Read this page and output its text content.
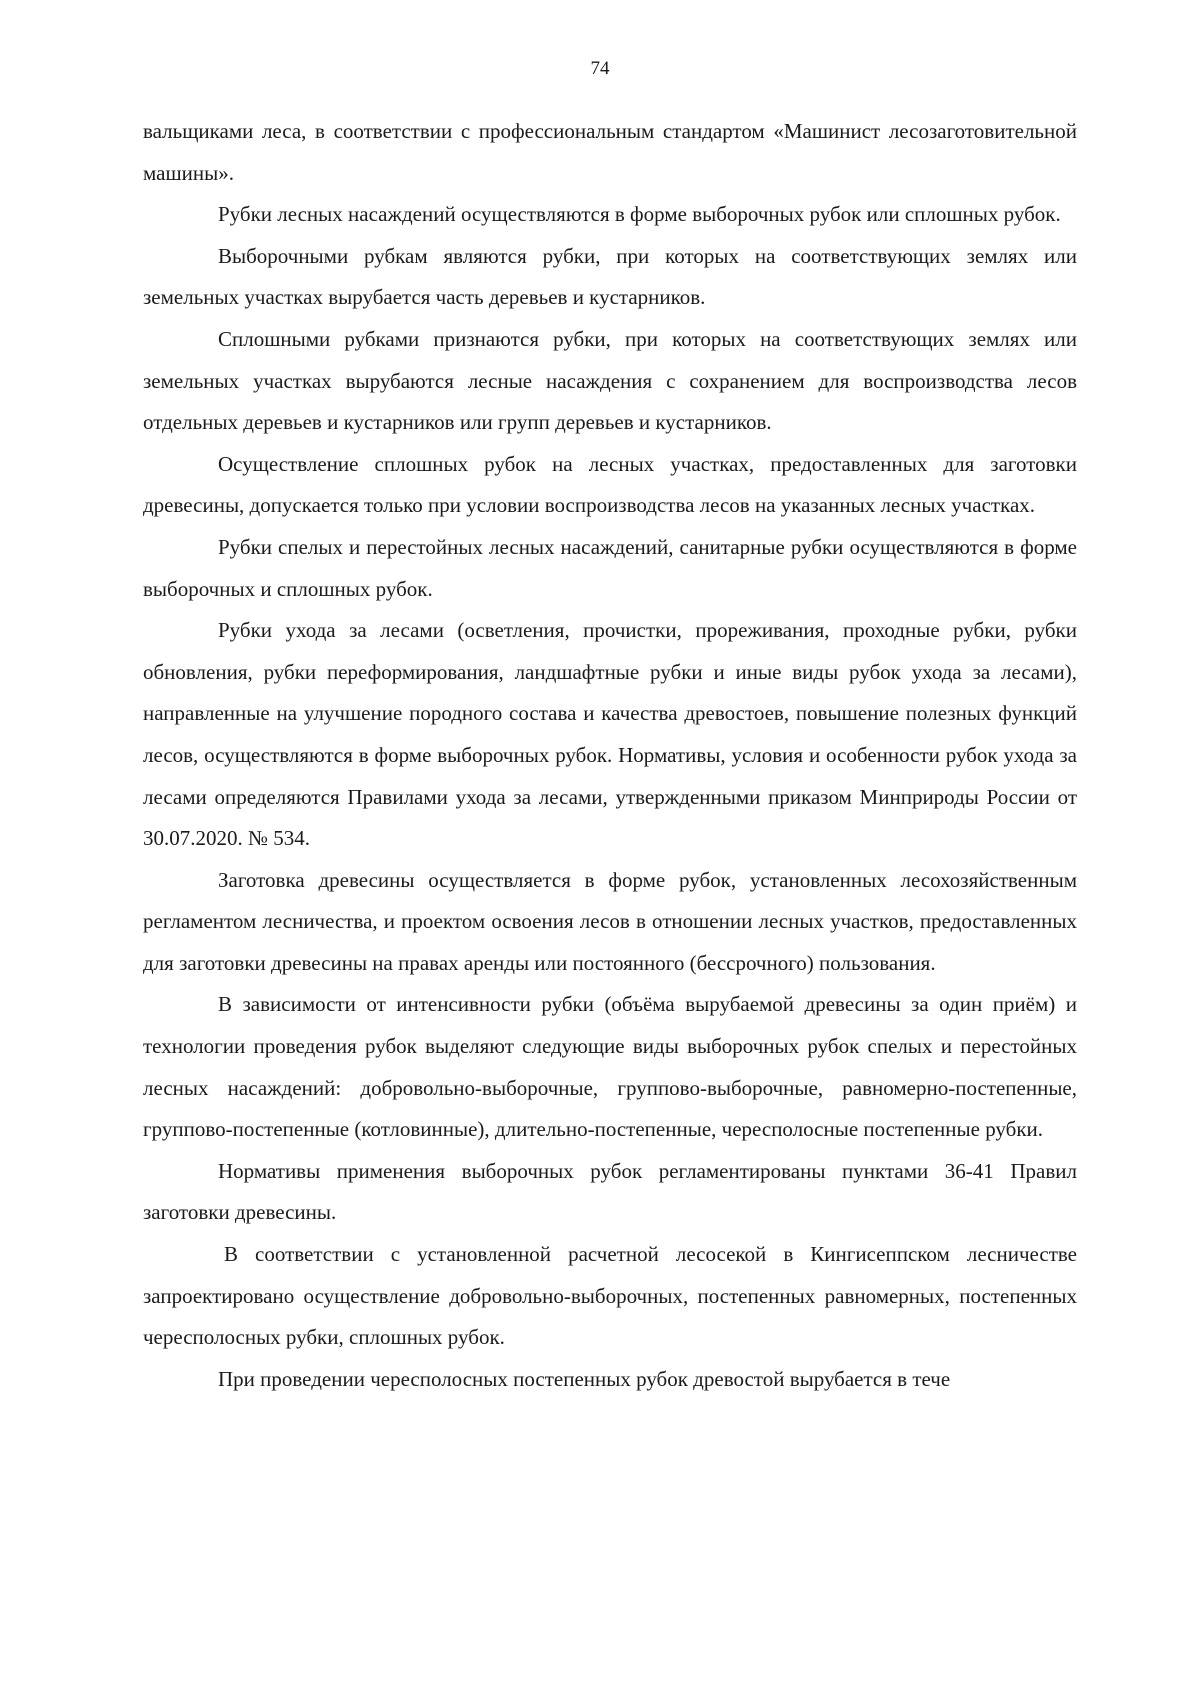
74

вальщиками леса, в соответствии с профессиональным стандартом «Машинист лесозаготовительной машины».

Рубки лесных насаждений осуществляются в форме выборочных рубок или сплошных рубок.

Выборочными рубкам являются рубки, при которых на соответствующих землях или земельных участках вырубается часть деревьев и кустарников.

Сплошными рубками признаются рубки, при которых на соответствующих землях или земельных участках вырубаются лесные насаждения с сохранением для воспроизводства лесов отдельных деревьев и кустарников или групп деревьев и кустарников.

Осуществление сплошных рубок на лесных участках, предоставленных для заготовки древесины, допускается только при условии воспроизводства лесов на указанных лесных участках.

Рубки спелых и перестойных лесных насаждений, санитарные рубки осуществляются в форме выборочных и сплошных рубок.

Рубки ухода за лесами (осветления, прочистки, прореживания, проходные рубки, рубки обновления, рубки переформирования, ландшафтные рубки и иные виды рубок ухода за лесами), направленные на улучшение породного состава и качества древостоев, повышение полезных функций лесов, осуществляются в форме выборочных рубок. Нормативы, условия и особенности рубок ухода за лесами определяются Правилами ухода за лесами, утвержденными приказом Минприроды России от 30.07.2020. № 534.

Заготовка древесины осуществляется в форме рубок, установленных лесохозяйственным регламентом лесничества, и проектом освоения лесов в отношении лесных участков, предоставленных для заготовки древесины на правах аренды или постоянного (бессрочного) пользования.

В зависимости от интенсивности рубки (объёма вырубаемой древесины за один приём) и технологии проведения рубок выделяют следующие виды выборочных рубок спелых и перестойных лесных насаждений: добровольно-выборочные, группово-выборочные, равномерно-постепенные, группово-постепенные (котловинные), длительно-постепенные, чересполосные постепенные рубки.

Нормативы применения выборочных рубок регламентированы пунктами 36-41 Правил заготовки древесины.

В соответствии с установленной расчетной лесосекой в Кингисеппском лесничестве запроектировано осуществление добровольно-выборочных, постепенных равномерных, постепенных чересполосных рубки, сплошных рубок.

При проведении чересполосных постепенных рубок древостой вырубается в тече
